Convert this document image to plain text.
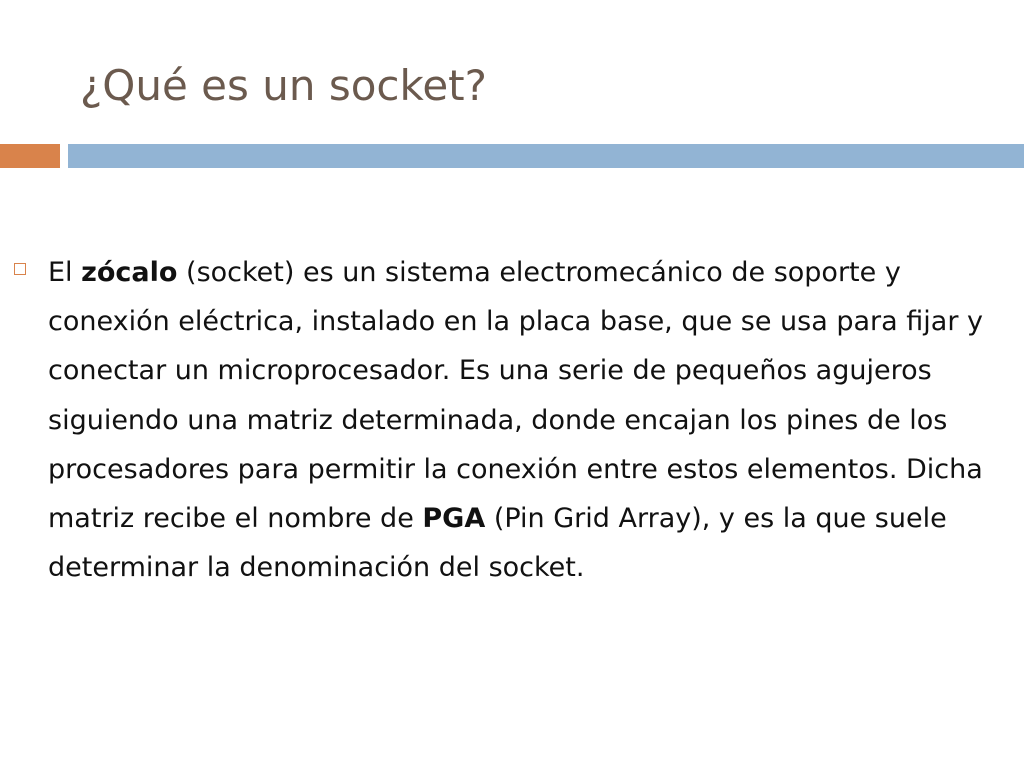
¿Qué es un socket?

El zócalo (socket) es un sistema electromecánico de soporte y conexión eléctrica, instalado en la placa base, que se usa para fijar y conectar un microprocesador. Es una serie de pequeños agujeros siguiendo una matriz determinada, donde encajan los pines de los procesadores para permitir la conexión entre estos elementos. Dicha matriz recibe el nombre de PGA (Pin Grid Array), y es la que suele determinar la denominación del socket.
